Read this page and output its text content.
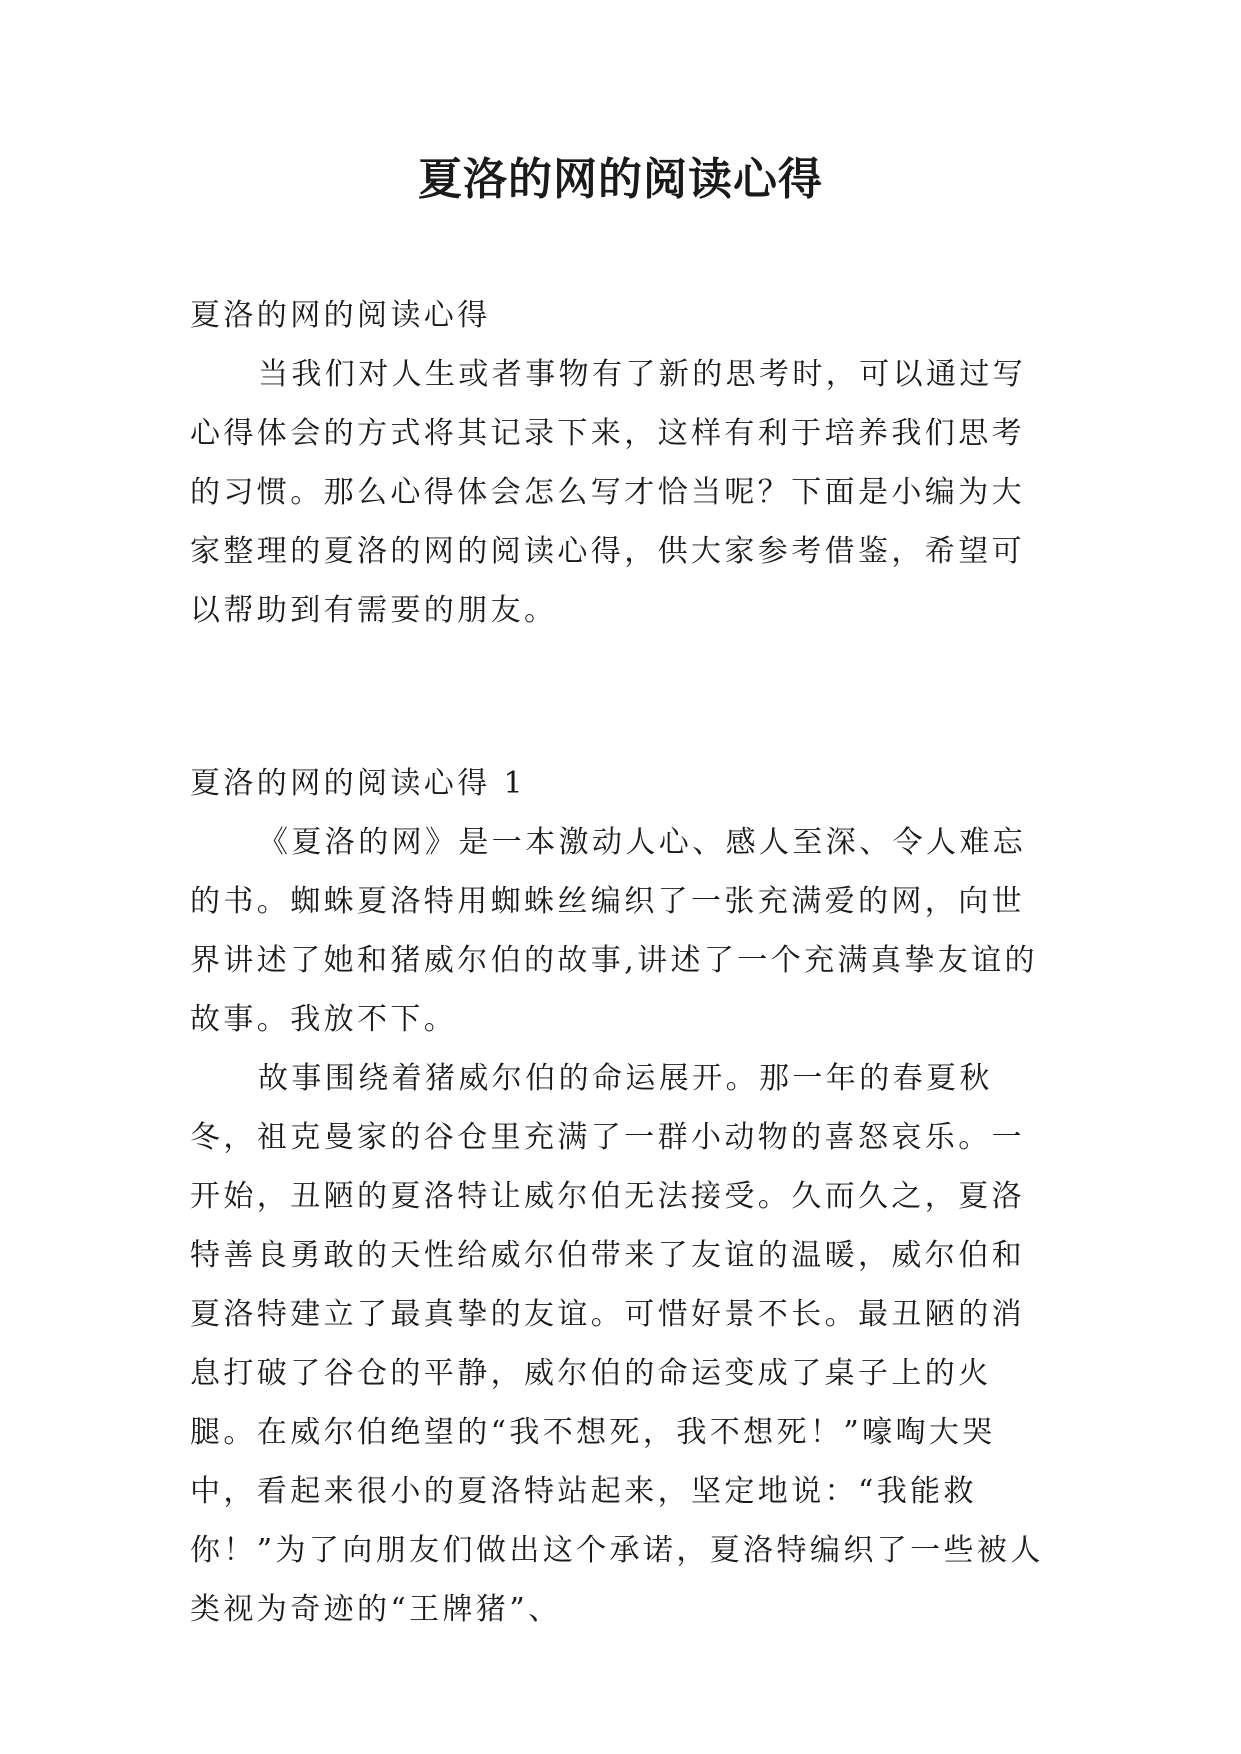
夏洛的网的阅读心得

夏洛的网的阅读心得

当我们对人生或者事物有了新的思考时，可以通过写心得体会的方式将其记录下来，这样有利于培养我们思考的习惯。那么心得体会怎么写才恰当呢？下面是小编为大家整理的夏洛的网的阅读心得，供大家参考借鉴，希望可以帮助到有需要的朋友。

夏洛的网的阅读心得 1

《夏洛的网》是一本激动人心、感人至深、令人难忘的书。蜘蛛夏洛特用蜘蛛丝编织了一张充满爱的网，向世界讲述了她和猪威尔伯的故事,讲述了一个充满真挚友谊的故事。我放不下。

故事围绕着猪威尔伯的命运展开。那一年的春夏秋冬，祖克曼家的谷仓里充满了一群小动物的喜怒哀乐。一开始，丑陋的夏洛特让威尔伯无法接受。久而久之，夏洛特善良勇敢的天性给威尔伯带来了友谊的温暖，威尔伯和夏洛特建立了最真挚的友谊。可惜好景不长。最丑陋的消息打破了谷仓的平静，威尔伯的命运变成了桌子上的火腿。在威尔伯绝望的“我不想死，我不想死！”嚎啕大哭中，看起来很小的夏洛特站起来，坚定地说：“我能救你！”为了向朋友们做出这个承诺，夏洛特编织了一些被人类视为奇迹的“王牌猪”、
